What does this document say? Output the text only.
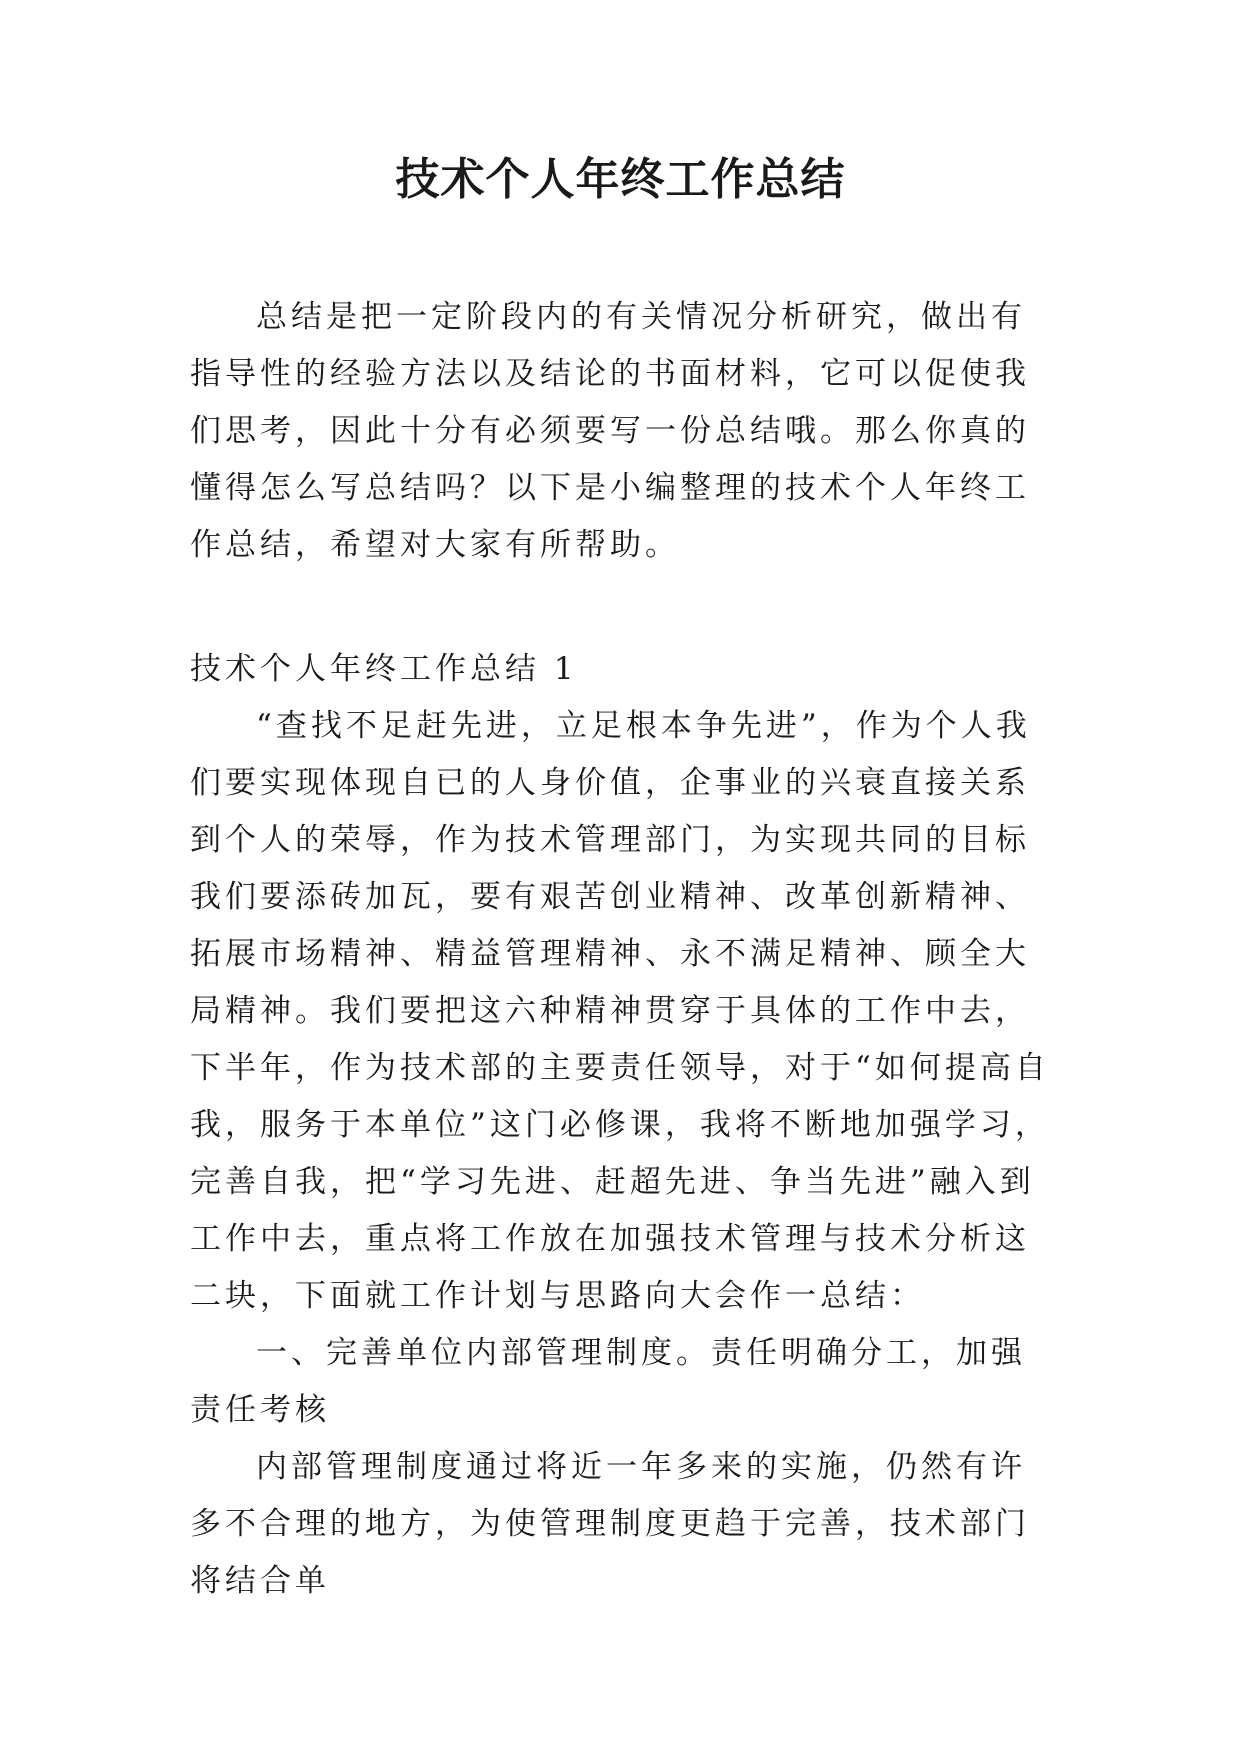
技术个人年终工作总结

总结是把一定阶段内的有关情况分析研究，做出有指导性的经验方法以及结论的书面材料，它可以促使我们思考，因此十分有必须要写一份总结哦。那么你真的懂得怎么写总结吗？以下是小编整理的技术个人年终工作总结，希望对大家有所帮助。

技术个人年终工作总结 1

“查找不足赶先进，立足根本争先进”，作为个人我们要实现体现自已的人身价值，企事业的兴衰直接关系到个人的荣辱，作为技术管理部门，为实现共同的目标我们要添砖加瓦，要有艰苦创业精神、改革创新精神、拓展市场精神、精益管理精神、永不满足精神、顾全大局精神。我们要把这六种精神贯穿于具体的工作中去，下半年，作为技术部的主要责任领导，对于“如何提高自我，服务于本单位”这门必修课，我将不断地加强学习，完善自我，把“学习先进、赶超先进、争当先进”融入到工作中去，重点将工作放在加强技术管理与技术分析这二块，下面就工作计划与思路向大会作一总结：

一、完善单位内部管理制度。责任明确分工，加强责任考核

内部管理制度通过将近一年多来的实施，仍然有许多不合理的地方，为使管理制度更趋于完善，技术部门将结合单
